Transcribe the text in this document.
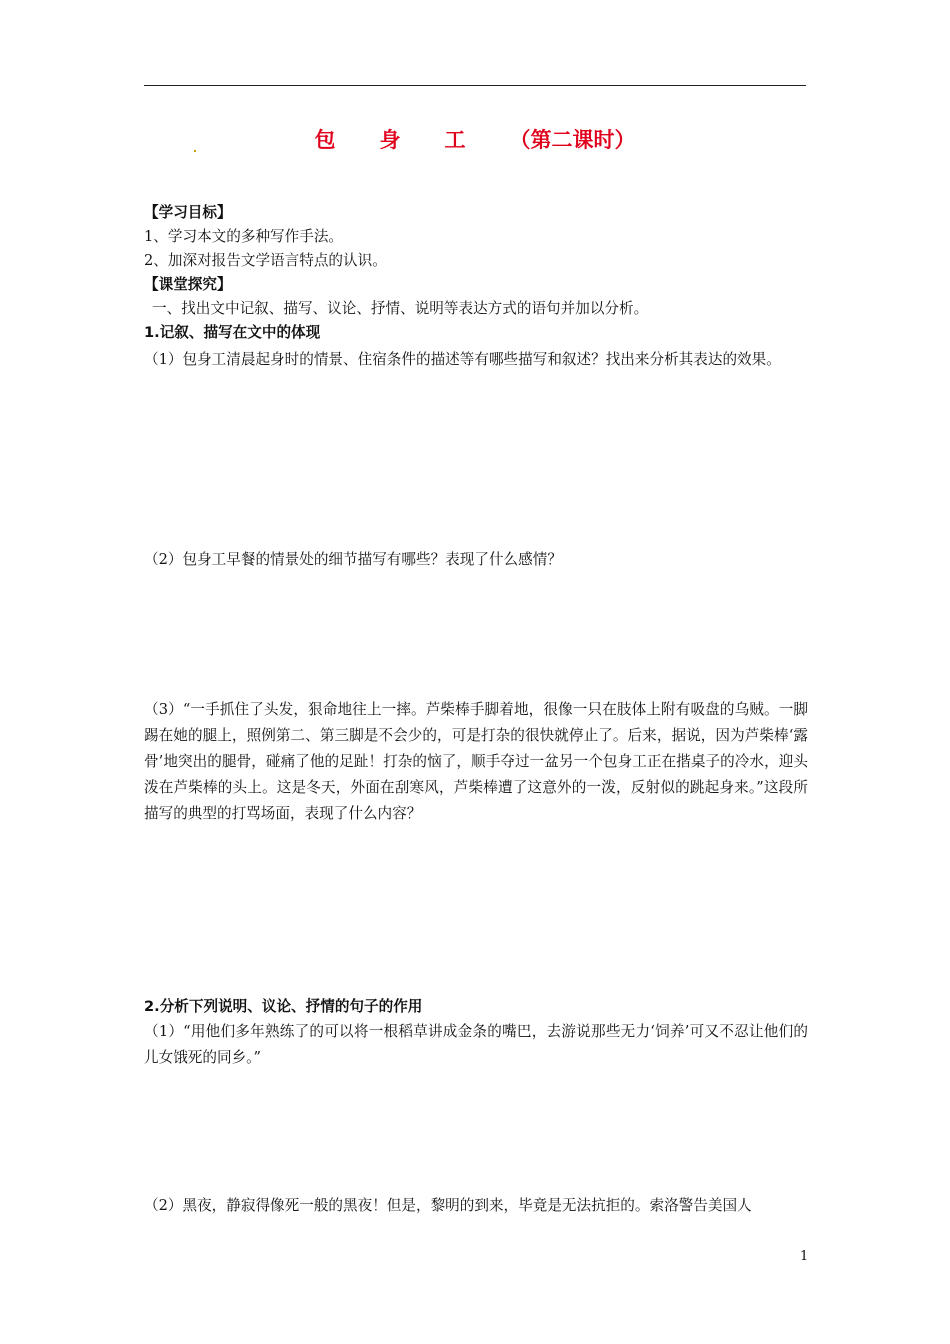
包 身 工 （第二课时）
【学习目标】
1、学习本文的多种写作手法。
2、加深对报告文学语言特点的认识。
【课堂探究】
一、找出文中记叙、描写、议论、抒情、说明等表达方式的语句并加以分析。
1.记叙、描写在文中的体现
（1）包身工清晨起身时的情景、住宿条件的描述等有哪些描写和叙述？找出来分析其表达的效果。
（2）包身工早餐的情景处的细节描写有哪些？表现了什么感情？
（3）“一手抓住了头发，狠命地往上一摔。芦柴棒手脚着地，很像一只在肢体上附有吸盘的乌贼。一脚踢在她的腿上，照例第二、第三脚是不会少的，可是打杂的很快就停止了。后来，据说，因为芦柴棒‘露骨’地突出的腿骨，碰痛了他的足趾！打杂的恼了，顺手夺过一盆另一个包身工正在揩桌子的冷水，迎头泼在芦柴棒的头上。这是冬天，外面在刮寒风，芦柴棒遭了这意外的一泼，反射似的跳起身来。”这段所描写的典型的打骂场面，表现了什么内容？
2.分析下列说明、议论、抒情的句子的作用
（1）“用他们多年熟练了的可以将一根稻草讲成金条的嘴巴，去游说那些无力‘饲养’可又不忍让他们的儿女饿死的同乡。”
（2）黑夜，静寂得像死一般的黑夜！但是，黎明的到来，毕竟是无法抗拒的。索洛警告美国人
1
